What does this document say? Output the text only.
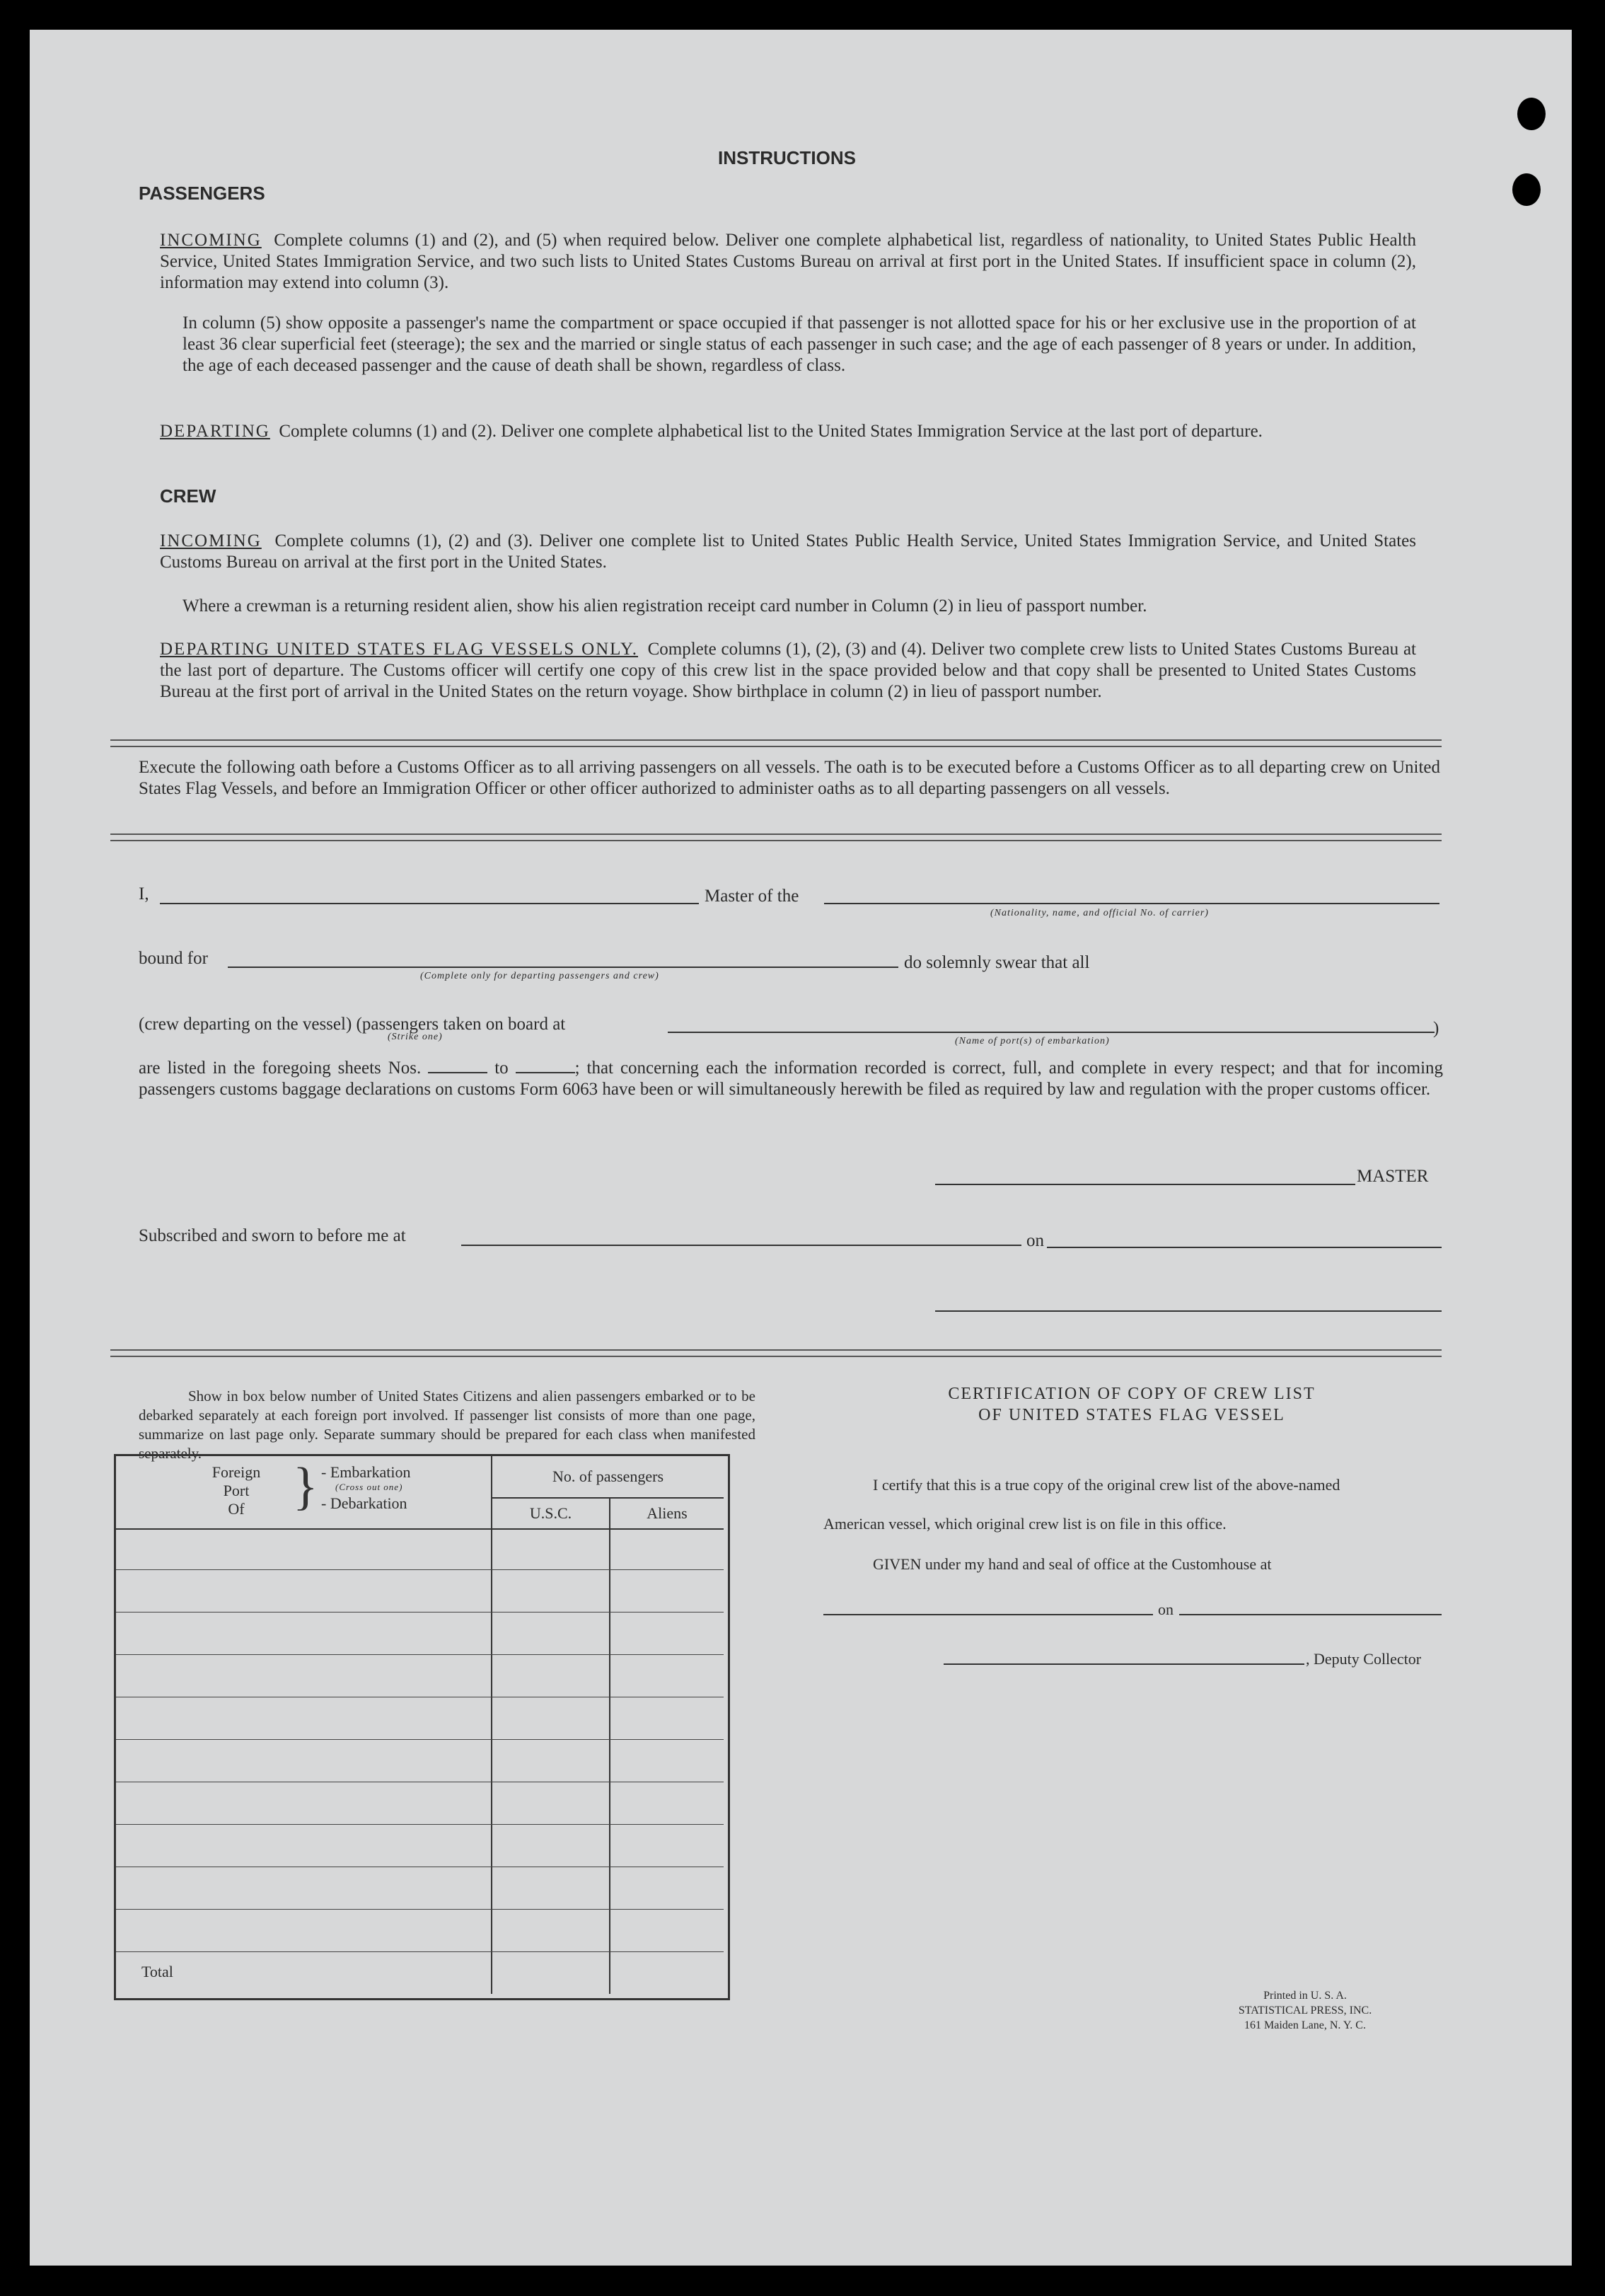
INSTRUCTIONS
PASSENGERS
INCOMING Complete columns (1) and (2), and (5) when required below. Deliver one complete alphabetical list, regardless of nationality, to United States Public Health Service, United States Immigration Service, and two such lists to United States Customs Bureau on arrival at first port in the United States. If insufficient space in column (2), information may extend into column (3).
In column (5) show opposite a passenger's name the compartment or space occupied if that passenger is not allotted space for his or her exclusive use in the proportion of at least 36 clear superficial feet (steerage); the sex and the married or single status of each passenger in such case; and the age of each passenger of 8 years or under. In addition, the age of each deceased passenger and the cause of death shall be shown, regardless of class.
DEPARTING Complete columns (1) and (2). Deliver one complete alphabetical list to the United States Immigration Service at the last port of departure.
CREW
INCOMING Complete columns (1), (2) and (3). Deliver one complete list to United States Public Health Service, United States Immigration Service, and United States Customs Bureau on arrival at the first port in the United States.
Where a crewman is a returning resident alien, show his alien registration receipt card number in Column (2) in lieu of passport number.
DEPARTING UNITED STATES FLAG VESSELS ONLY. Complete columns (1), (2), (3) and (4). Deliver two complete crew lists to United States Customs Bureau at the last port of departure. The Customs officer will certify one copy of this crew list in the space provided below and that copy shall be presented to United States Customs Bureau at the first port of arrival in the United States on the return voyage. Show birthplace in column (2) in lieu of passport number.
Execute the following oath before a Customs Officer as to all arriving passengers on all vessels. The oath is to be executed before a Customs Officer as to all departing crew on United States Flag Vessels, and before an Immigration Officer or other officer authorized to administer oaths as to all departing passengers on all vessels.
I,	Master of the
(Nationality, name, and official No. of carrier)
bound for
(Complete only for departing passengers and crew)
do solemnly swear that all
(crew departing on the vessel) (passengers taken on board at	)
(Strike one)	(Name of port(s) of embarkation)
are listed in the foregoing sheets Nos.	to	; that concerning each the information recorded is correct, full, and complete in every respect; and that for incoming passengers customs baggage declarations on customs Form 6063 have been or will simultaneously herewith be filed as required by law and regulation with the proper customs officer.
MASTER
Subscribed and sworn to before me at	on
Show in box below number of United States Citizens and alien passengers embarked or to be debarked separately at each foreign port involved. If passenger list consists of more than one page, summarize on last page only. Separate summary should be prepared for each class when manifested separately.
Foreign
Port
Of } - Embarkation
(Cross out one)
- Debarkation
No. of passengers
U.S.C.	Aliens
Total
CERTIFICATION OF COPY OF CREW LIST
OF UNITED STATES FLAG VESSEL
I certify that this is a true copy of the original crew list of the above-named
American vessel, which original crew list is on file in this office.
GIVEN under my hand and seal of office at the Customhouse at
on
, Deputy Collector
Printed in U. S. A.
STATISTICAL PRESS, INC.
161 Maiden Lane, N. Y. C.
